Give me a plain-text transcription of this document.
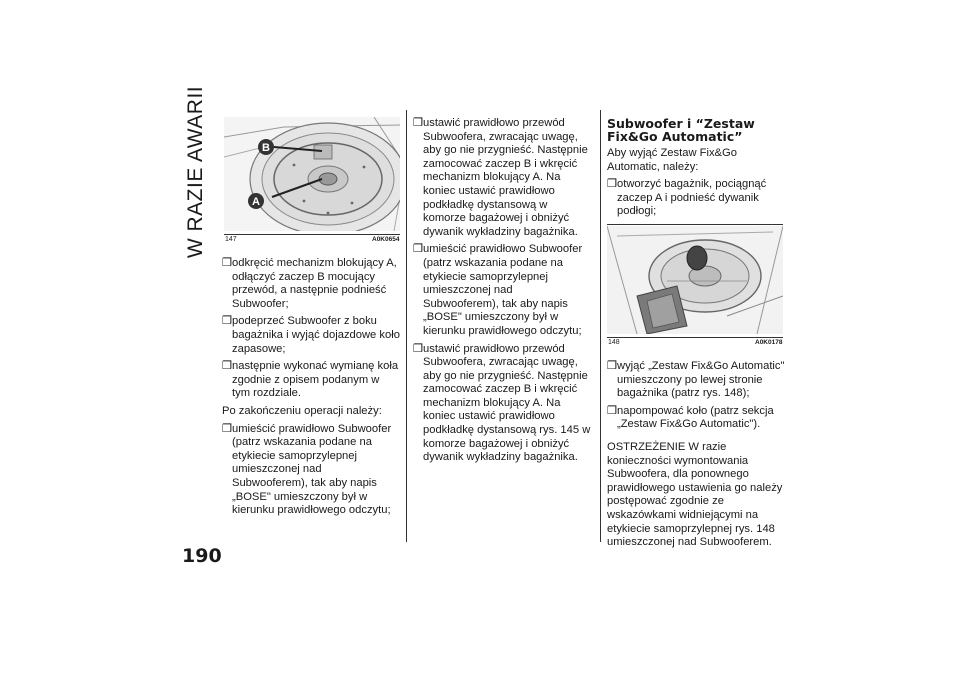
W RAZIE AWARII
190
B
A
147	A0K0654
❒ odkręcić mechanizm blokujący A, odłączyć zaczep B mocujący przewód, a następnie podnieść Subwoofer;
❒ podeprzeć Subwoofer z boku bagażnika i wyjąć dojazdowe koło zapasowe;
❒ następnie wykonać wymianę koła zgodnie z opisem podanym w tym rozdziale.
Po zakończeniu operacji należy:
❒ umieścić prawidłowo Subwoofer (patrz wskazania podane na etykiecie samoprzylepnej umieszczonej nad Subwooferem), tak aby napis „BOSE" umieszczony był w kierunku prawidłowego odczytu;
❒ ustawić prawidłowo przewód Subwoofera, zwracając uwagę, aby go nie przygnieść. Następnie zamocować zaczep B i wkręcić mechanizm blokujący A. Na koniec ustawić prawidłowo podkładkę dystansową w komorze bagażowej i obniżyć dywanik wykładziny bagażnika.
❒ umieścić prawidłowo Subwoofer (patrz wskazania podane na etykiecie samoprzylepnej umieszczonej nad Subwooferem), tak aby napis „BOSE" umieszczony był w kierunku prawidłowego odczytu;
❒ ustawić prawidłowo przewód Subwoofera, zwracając uwagę, aby go nie przygnieść. Następnie zamocować zaczep B i wkręcić mechanizm blokujący A. Na koniec ustawić prawidłowo podkładkę dystansową rys. 145 w komorze bagażowej i obniżyć dywanik wykładziny bagażnika.
Subwoofer i “Zestaw Fix&Go Automatic”
Aby wyjąć Zestaw Fix&Go Automatic, należy:
❒ otworzyć bagażnik, pociągnąć zaczep A i podnieść dywanik podłogi;
148	A0K0178
❒ wyjąć „Zestaw Fix&Go Automatic" umieszczony po lewej stronie bagażnika (patrz rys. 148);
❒ napompować koło (patrz sekcja „Zestaw Fix&Go Automatic").
OSTRZEŻENIE W razie konieczności wymontowania Subwoofera, dla ponownego prawidłowego ustawienia go należy postępować zgodnie ze wskazówkami widniejącymi na etykiecie samoprzylepnej rys. 148 umieszczonej nad Subwooferem.
